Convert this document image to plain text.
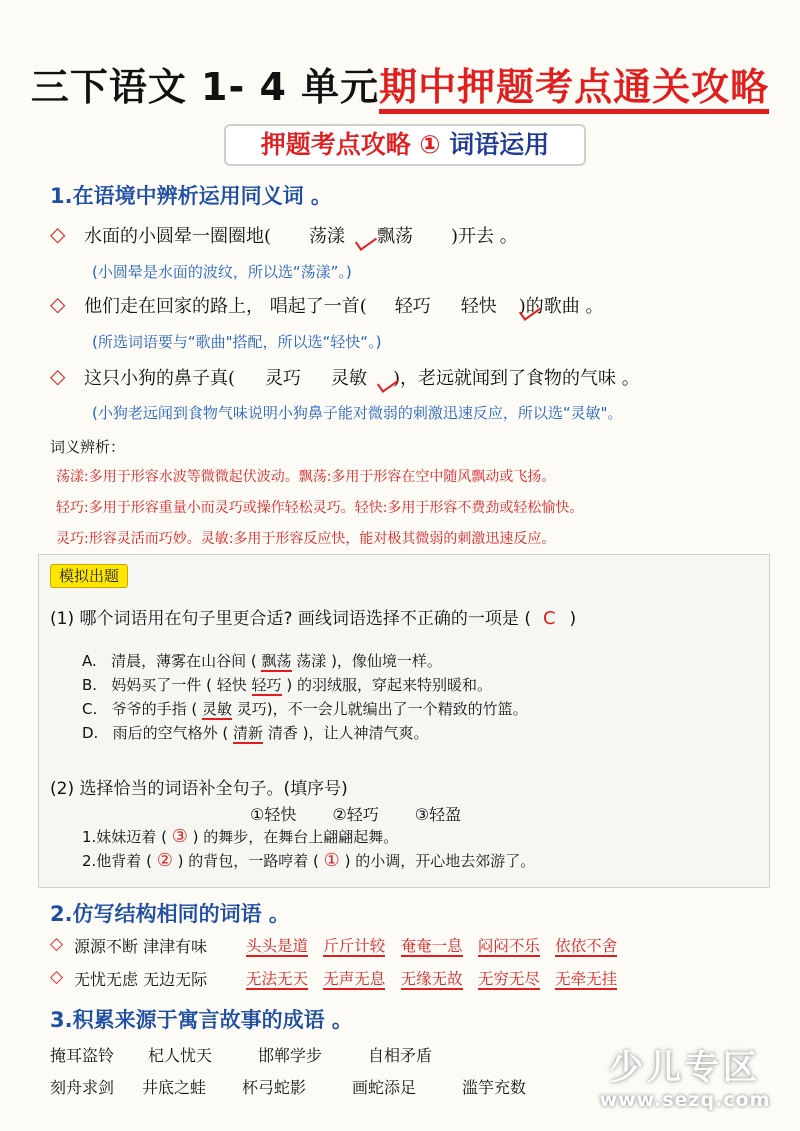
三下语文 1- 4 单元期中押题考点通关攻略
押题考点攻略 ① 词语运用
1.在语境中辨析运用同义词 。
◇ 水面的小圆晕一圈圈地( 荡漾 飘荡 )开去 。
(小圆晕是水面的波纹，所以选“荡漾”。)
◇ 他们走在回家的路上， 唱起了一首( 轻巧 轻快 )的歌曲 。
(所选词语要与“歌曲"搭配，所以选“轻快“。)
◇ 这只小狗的鼻子真( 灵巧 灵敏 )，老远就闻到了食物的气味 。
(小狗老远闻到食物气味说明小狗鼻子能对微弱的刺激迅速反应，所以选“灵敏"。
词义辨析：
荡漾:多用于形容水波等微微起伏波动。飘荡:多用于形容在空中随风飘动或飞扬。
轻巧:多用于形容重量小而灵巧或操作轻松灵巧。轻快:多用于形容不费劲或轻松愉快。
灵巧:形容灵活而巧妙。灵敏:多用于形容反应快，能对极其微弱的刺激迅速反应。
模拟出题
(1) 哪个词语用在句子里更合适? 画线词语选择不正确的一项是 ( C )
A. 清晨，薄雾在山谷间 ( 飘荡 荡漾 )，像仙境一样。
B. 妈妈买了一件 ( 轻快 轻巧 ) 的羽绒服，穿起来特别暖和。
C. 爷爷的手指 ( 灵敏 灵巧)，不一会儿就编出了一个精致的竹篮。
D. 雨后的空气格外 ( 清新 清香 )，让人神清气爽。
(2) 选择恰当的词语补全句子。(填序号)
①轻快 ②轻巧 ③轻盈
1.妹妹迈着 ( ③ ) 的舞步，在舞台上翩翩起舞。
2.他背着 ( ② ) 的背包，一路哼着 ( ① ) 的小调，开心地去郊游了。
2.仿写结构相同的词语 。
◇ 源源不断 津津有味	头头是道 斤斤计较 奄奄一息 闷闷不乐 依依不舍
◇ 无忧无虑 无边无际	无法无天 无声无息 无缘无故 无穷无尽 无牵无挂
3.积累来源于寓言故事的成语 。
掩耳盗铃 杞人忧天	邯郸学步	自相矛盾
刻舟求剑 井底之蛙 杯弓蛇影	画蛇添足	滥竽充数	少儿专区
www.sezq.com
